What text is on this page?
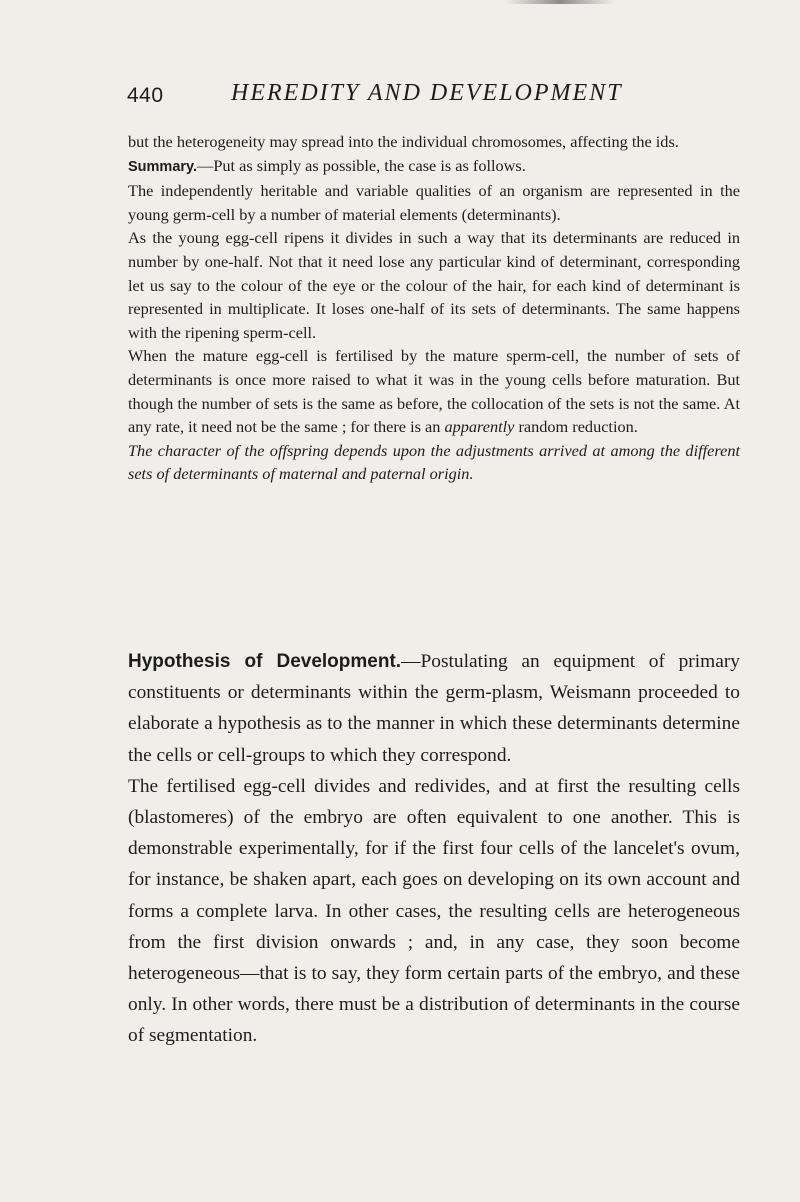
440	HEREDITY AND DEVELOPMENT

but the heterogeneity may spread into the individual chromosomes, affecting the ids.

Summary.—Put as simply as possible, the case is as follows.

The independently heritable and variable qualities of an organism are represented in the young germ-cell by a number of material elements (determinants).

As the young egg-cell ripens it divides in such a way that its determinants are reduced in number by one-half. Not that it need lose any particular kind of determinant, corresponding let us say to the colour of the eye or the colour of the hair, for each kind of determinant is represented in multiplicate. It loses one-half of its sets of determinants. The same happens with the ripening sperm-cell.

When the mature egg-cell is fertilised by the mature sperm-cell, the number of sets of determinants is once more raised to what it was in the young cells before maturation. But though the number of sets is the same as before, the collocation of the sets is not the same. At any rate, it need not be the same ; for there is an apparently random reduction.

The character of the offspring depends upon the adjustments arrived at among the different sets of determinants of maternal and paternal origin.

Hypothesis of Development.—Postulating an equipment of primary constituents or determinants within the germ-plasm, Weismann proceeded to elaborate a hypothesis as to the manner in which these determinants determine the cells or cell-groups to which they correspond.

The fertilised egg-cell divides and redivides, and at first the resulting cells (blastomeres) of the embryo are often equivalent to one another. This is demonstrable experimentally, for if the first four cells of the lancelet's ovum, for instance, be shaken apart, each goes on developing on its own account and forms a complete larva. In other cases, the resulting cells are heterogeneous from the first division onwards ; and, in any case, they soon become heterogeneous—that is to say, they form certain parts of the embryo, and these only. In other words, there must be a distribution of determinants in the course of segmentation.
